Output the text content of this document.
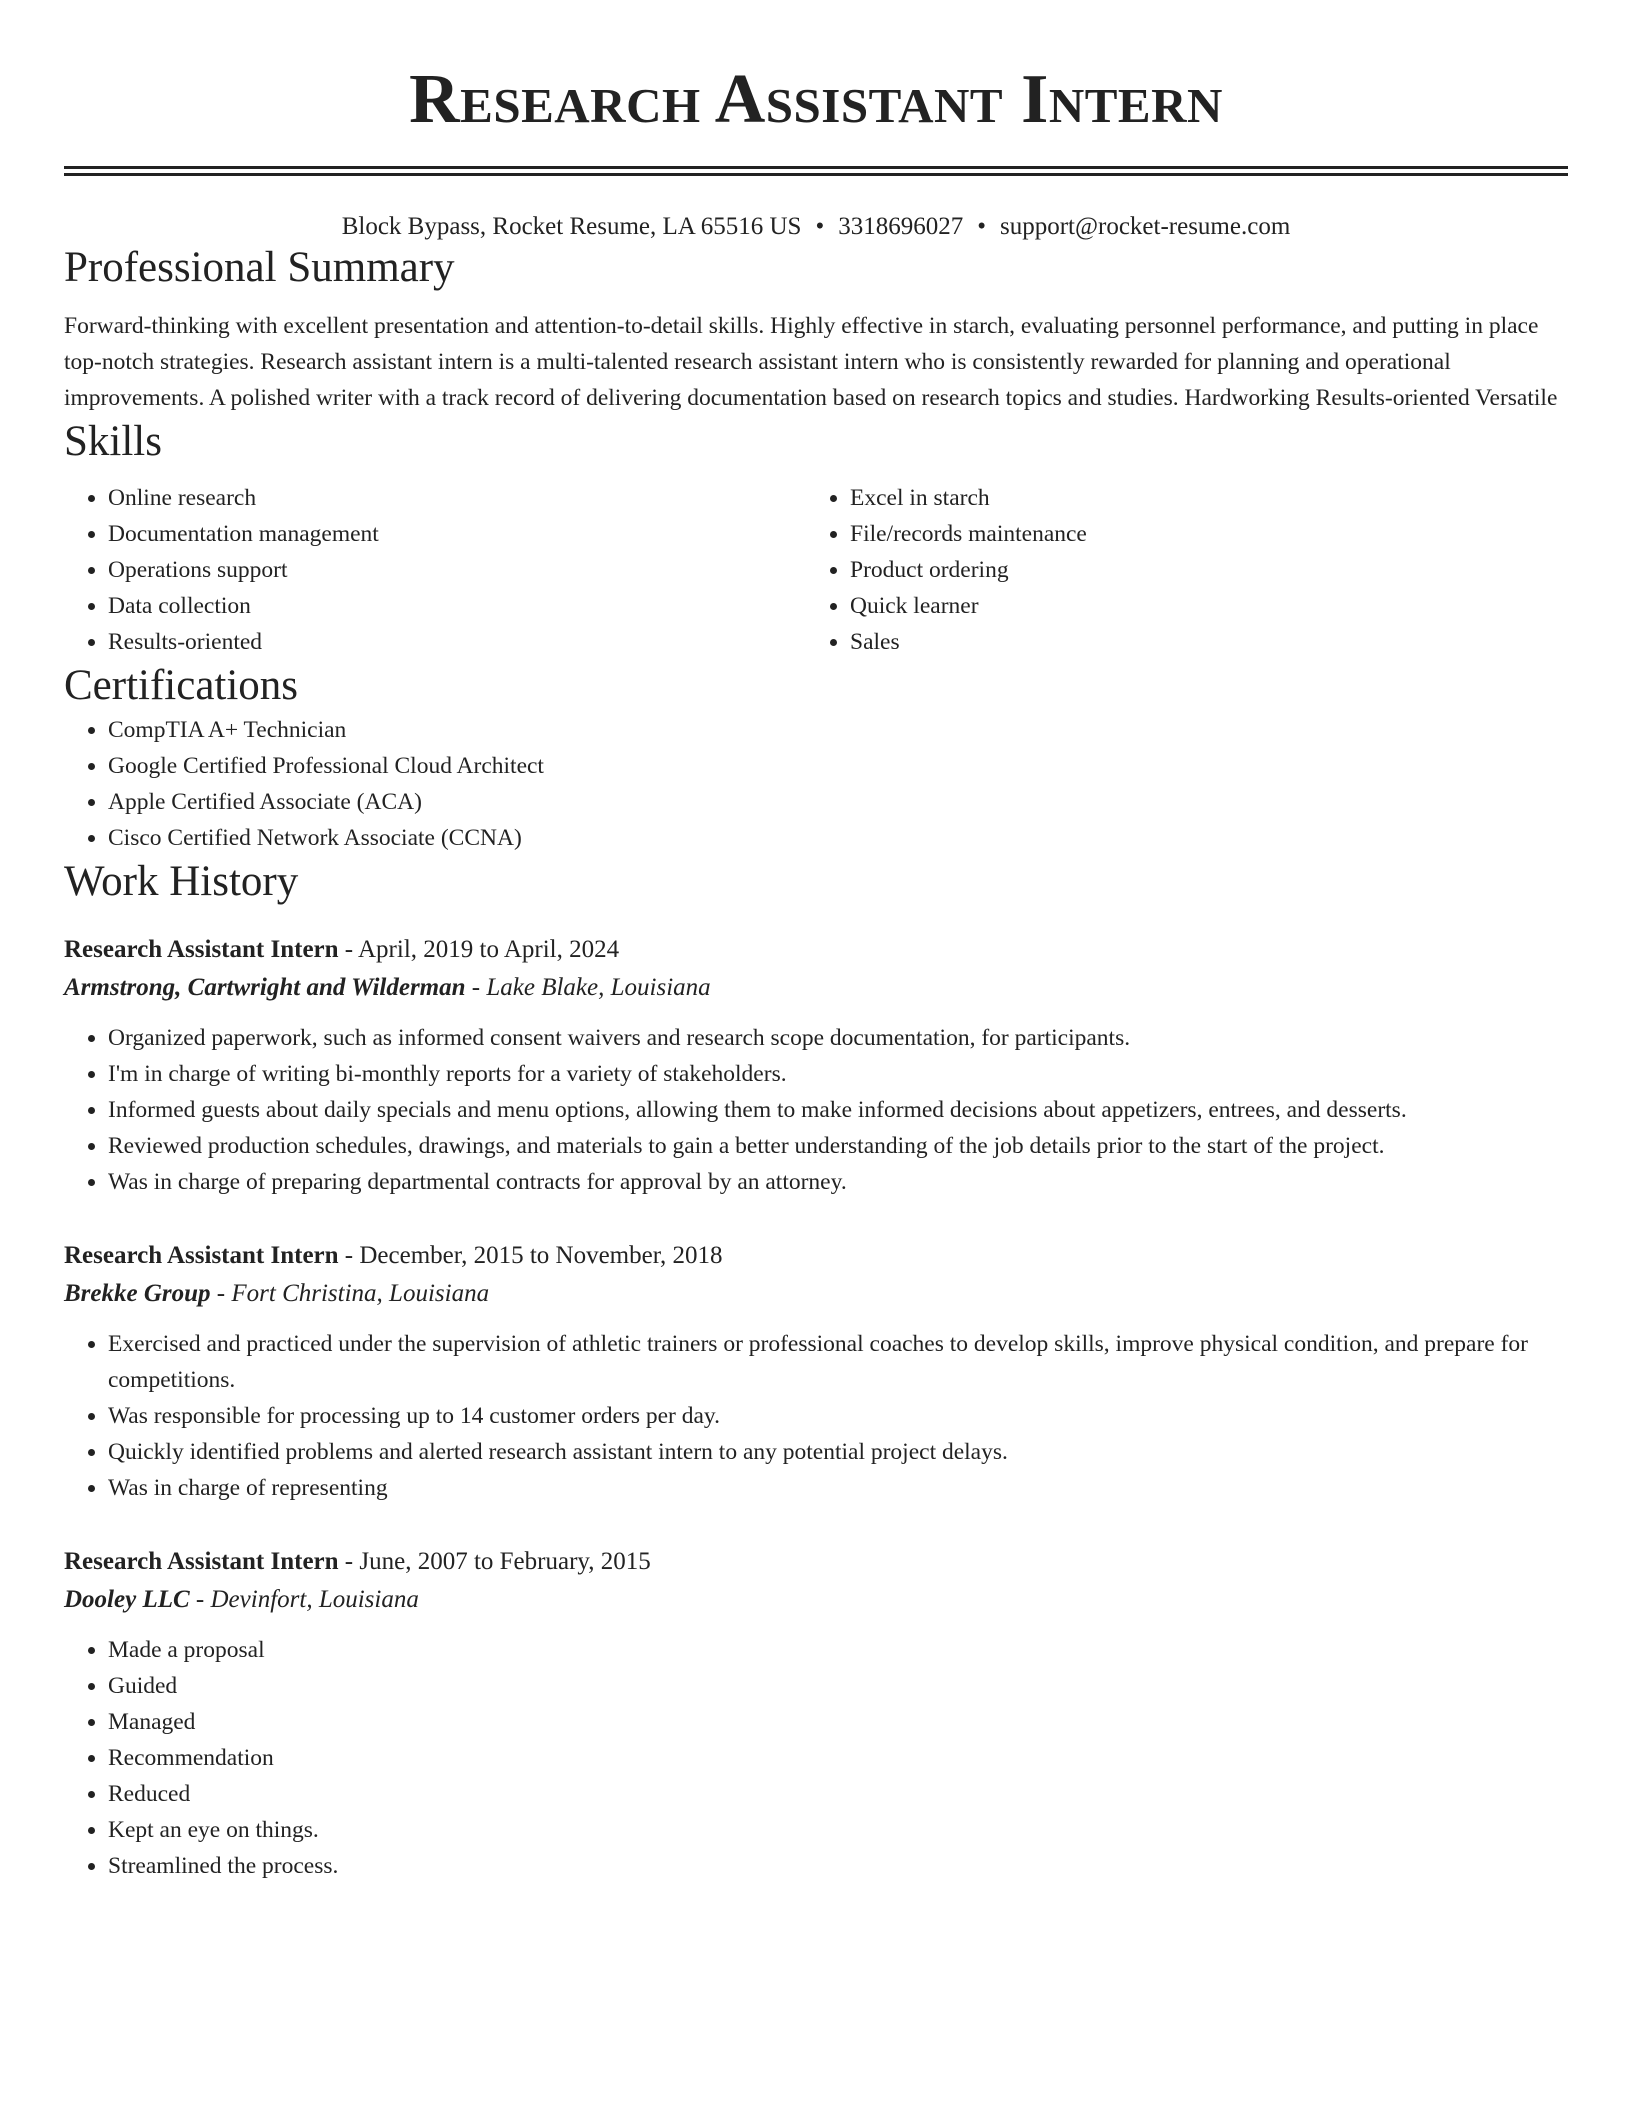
Research Assistant Intern
Block Bypass, Rocket Resume, LA 65516 US • 3318696027 • support@rocket-resume.com
Professional Summary
Forward-thinking with excellent presentation and attention-to-detail skills. Highly effective in starch, evaluating personnel performance, and putting in place top-notch strategies. Research assistant intern is a multi-talented research assistant intern who is consistently rewarded for planning and operational improvements. A polished writer with a track record of delivering documentation based on research topics and studies. Hardworking Results-oriented Versatile
Skills
• Online research
• Documentation management
• Operations support
• Data collection
• Results-oriented
• Excel in starch
• File/records maintenance
• Product ordering
• Quick learner
• Sales
Certifications
• CompTIA A+ Technician
• Google Certified Professional Cloud Architect
• Apple Certified Associate (ACA)
• Cisco Certified Network Associate (CCNA)
Work History
Research Assistant Intern - April, 2019 to April, 2024
Armstrong, Cartwright and Wilderman - Lake Blake, Louisiana
• Organized paperwork, such as informed consent waivers and research scope documentation, for participants.
• I'm in charge of writing bi-monthly reports for a variety of stakeholders.
• Informed guests about daily specials and menu options, allowing them to make informed decisions about appetizers, entrees, and desserts.
• Reviewed production schedules, drawings, and materials to gain a better understanding of the job details prior to the start of the project.
• Was in charge of preparing departmental contracts for approval by an attorney.
Research Assistant Intern - December, 2015 to November, 2018
Brekke Group - Fort Christina, Louisiana
• Exercised and practiced under the supervision of athletic trainers or professional coaches to develop skills, improve physical condition, and prepare for competitions.
• Was responsible for processing up to 14 customer orders per day.
• Quickly identified problems and alerted research assistant intern to any potential project delays.
• Was in charge of representing
Research Assistant Intern - June, 2007 to February, 2015
Dooley LLC - Devinfort, Louisiana
• Made a proposal
• Guided
• Managed
• Recommendation
• Reduced
• Kept an eye on things.
• Streamlined the process.
